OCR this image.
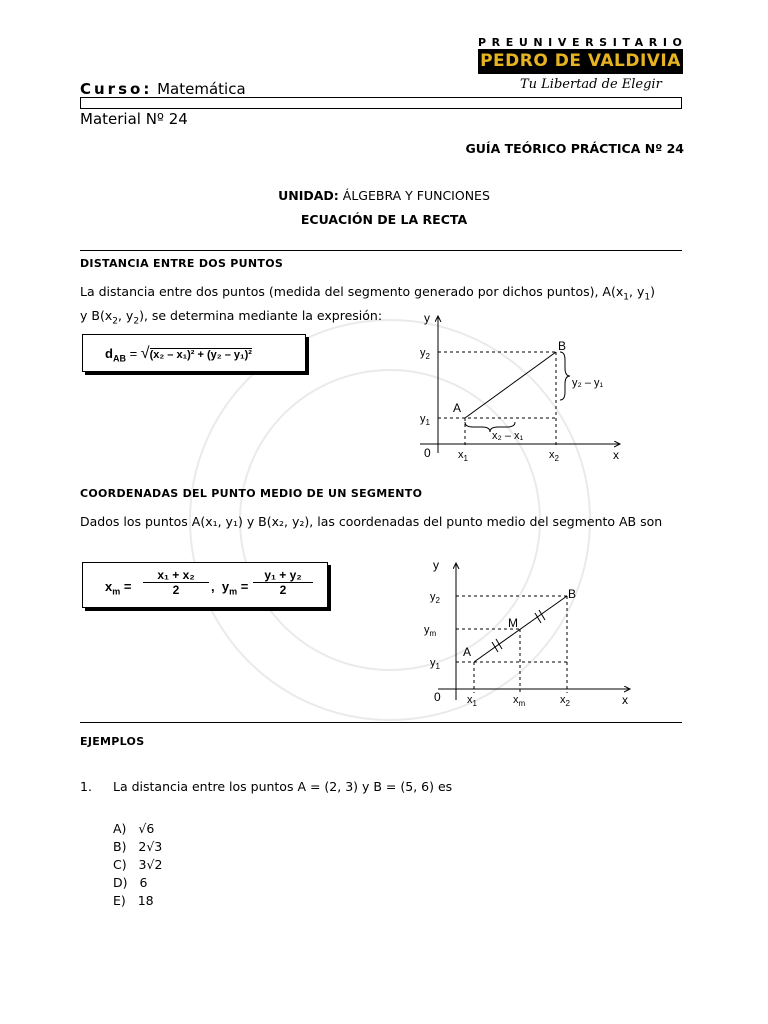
PREUNIVERSITARIO
PEDRO DE VALDIVIA
Tu Libertad de Elegir
Curso: Matemática
Material Nº 24
GUÍA TEÓRICO PRÁCTICA Nº 24
UNIDAD: ÁLGEBRA Y FUNCIONES
ECUACIÓN DE LA RECTA
DISTANCIA ENTRE DOS PUNTOS
La distancia entre dos puntos (medida del segmento generado por dichos puntos), $A(x_1$, $y_1$)
y $B(x_2$, $y_2$), se determina mediante la expresión:
$d_{AB} = √(x_2 - x_1)^2 + (y_2 - y_1)^2$
y
x
0
$y_2$
$y_1$
$x_1$	$x_2$
A
B
y₂ – y₁
x₂ – x₁
COORDENADAS DEL PUNTO MEDIO DE UN SEGMENTO
Dados los puntos A(x₁, y₁) y B(x₂, y₂), las coordenadas del punto medio del segmento AB son
$x_m = \frac{\text{x₁ + x₂}}{2}$ ,  $y_m = \frac{\text{y₁ + y₂}}{2}$
y
x
0
$y_2$
$y_m$
$y_1$
$x_1$	$x_m$	$x_2$
A
B
M
EJEMPLOS
1. La distancia entre los puntos A = (2, 3) y B = (5, 6) es
A) √6
B) 2√3
C) 3√2
D) 6
E) 18
